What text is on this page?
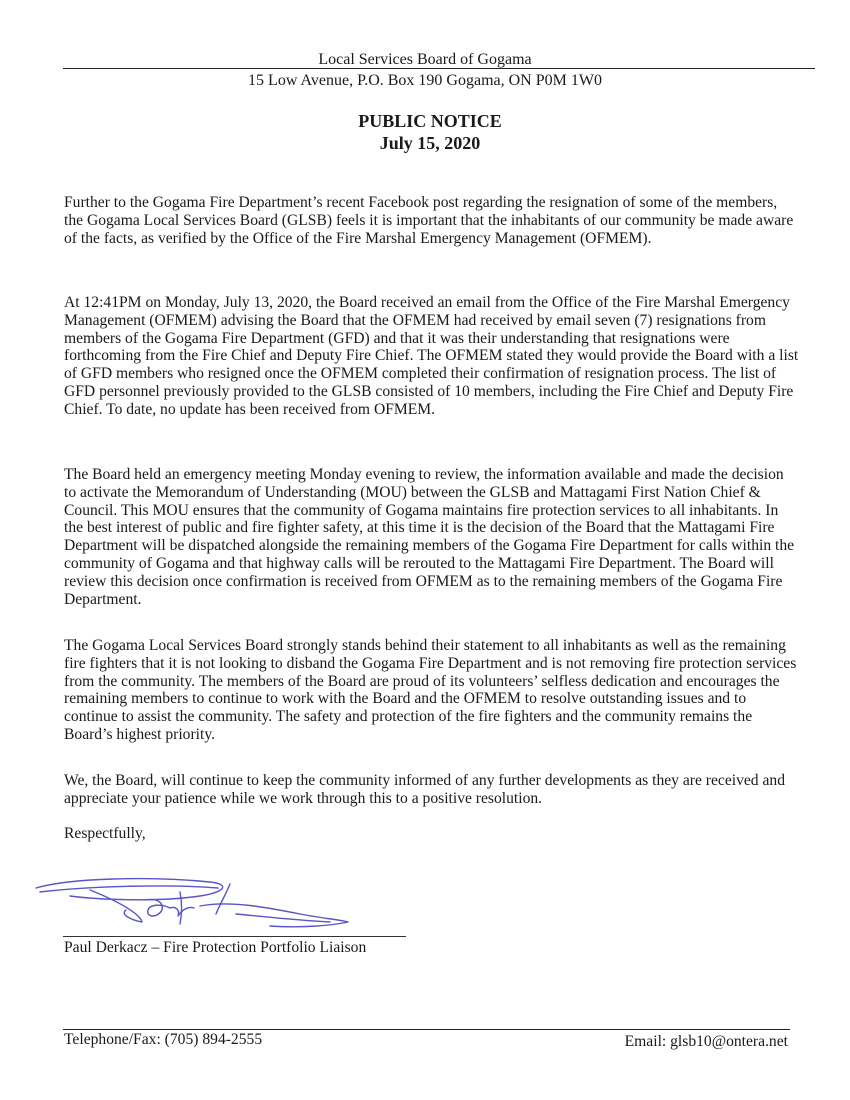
Local Services Board of Gogama
15 Low Avenue, P.O. Box 190 Gogama, ON P0M 1W0
PUBLIC NOTICE
July 15, 2020

Further to the Gogama Fire Department’s recent Facebook post regarding the resignation of some of the members, the Gogama Local Services Board (GLSB) feels it is important that the inhabitants of our community be made aware of the facts, as verified by the Office of the Fire Marshal Emergency Management (OFMEM).

At 12:41PM on Monday, July 13, 2020, the Board received an email from the Office of the Fire Marshal Emergency Management (OFMEM) advising the Board that the OFMEM had received by email seven (7) resignations from members of the Gogama Fire Department (GFD) and that it was their understanding that resignations were forthcoming from the Fire Chief and Deputy Fire Chief. The OFMEM stated they would provide the Board with a list of GFD members who resigned once the OFMEM completed their confirmation of resignation process. The list of GFD personnel previously provided to the GLSB consisted of 10 members, including the Fire Chief and Deputy Fire Chief. To date, no update has been received from OFMEM.

The Board held an emergency meeting Monday evening to review, the information available and made the decision to activate the Memorandum of Understanding (MOU) between the GLSB and Mattagami First Nation Chief & Council. This MOU ensures that the community of Gogama maintains fire protection services to all inhabitants. In the best interest of public and fire fighter safety, at this time it is the decision of the Board that the Mattagami Fire Department will be dispatched alongside the remaining members of the Gogama Fire Department for calls within the community of Gogama and that highway calls will be rerouted to the Mattagami Fire Department. The Board will review this decision once confirmation is received from OFMEM as to the remaining members of the Gogama Fire Department.

The Gogama Local Services Board strongly stands behind their statement to all inhabitants as well as the remaining fire fighters that it is not looking to disband the Gogama Fire Department and is not removing fire protection services from the community. The members of the Board are proud of its volunteers’ selfless dedication and encourages the remaining members to continue to work with the Board and the OFMEM to resolve outstanding issues and to continue to assist the community. The safety and protection of the fire fighters and the community remains the Board’s highest priority.

We, the Board, will continue to keep the community informed of any further developments as they are received and appreciate your patience while we work through this to a positive resolution.

Respectfully,
Paul Derkacz – Fire Protection Portfolio Liaison
Telephone/Fax: (705) 894-2555	Email: glsb10@ontera.net
